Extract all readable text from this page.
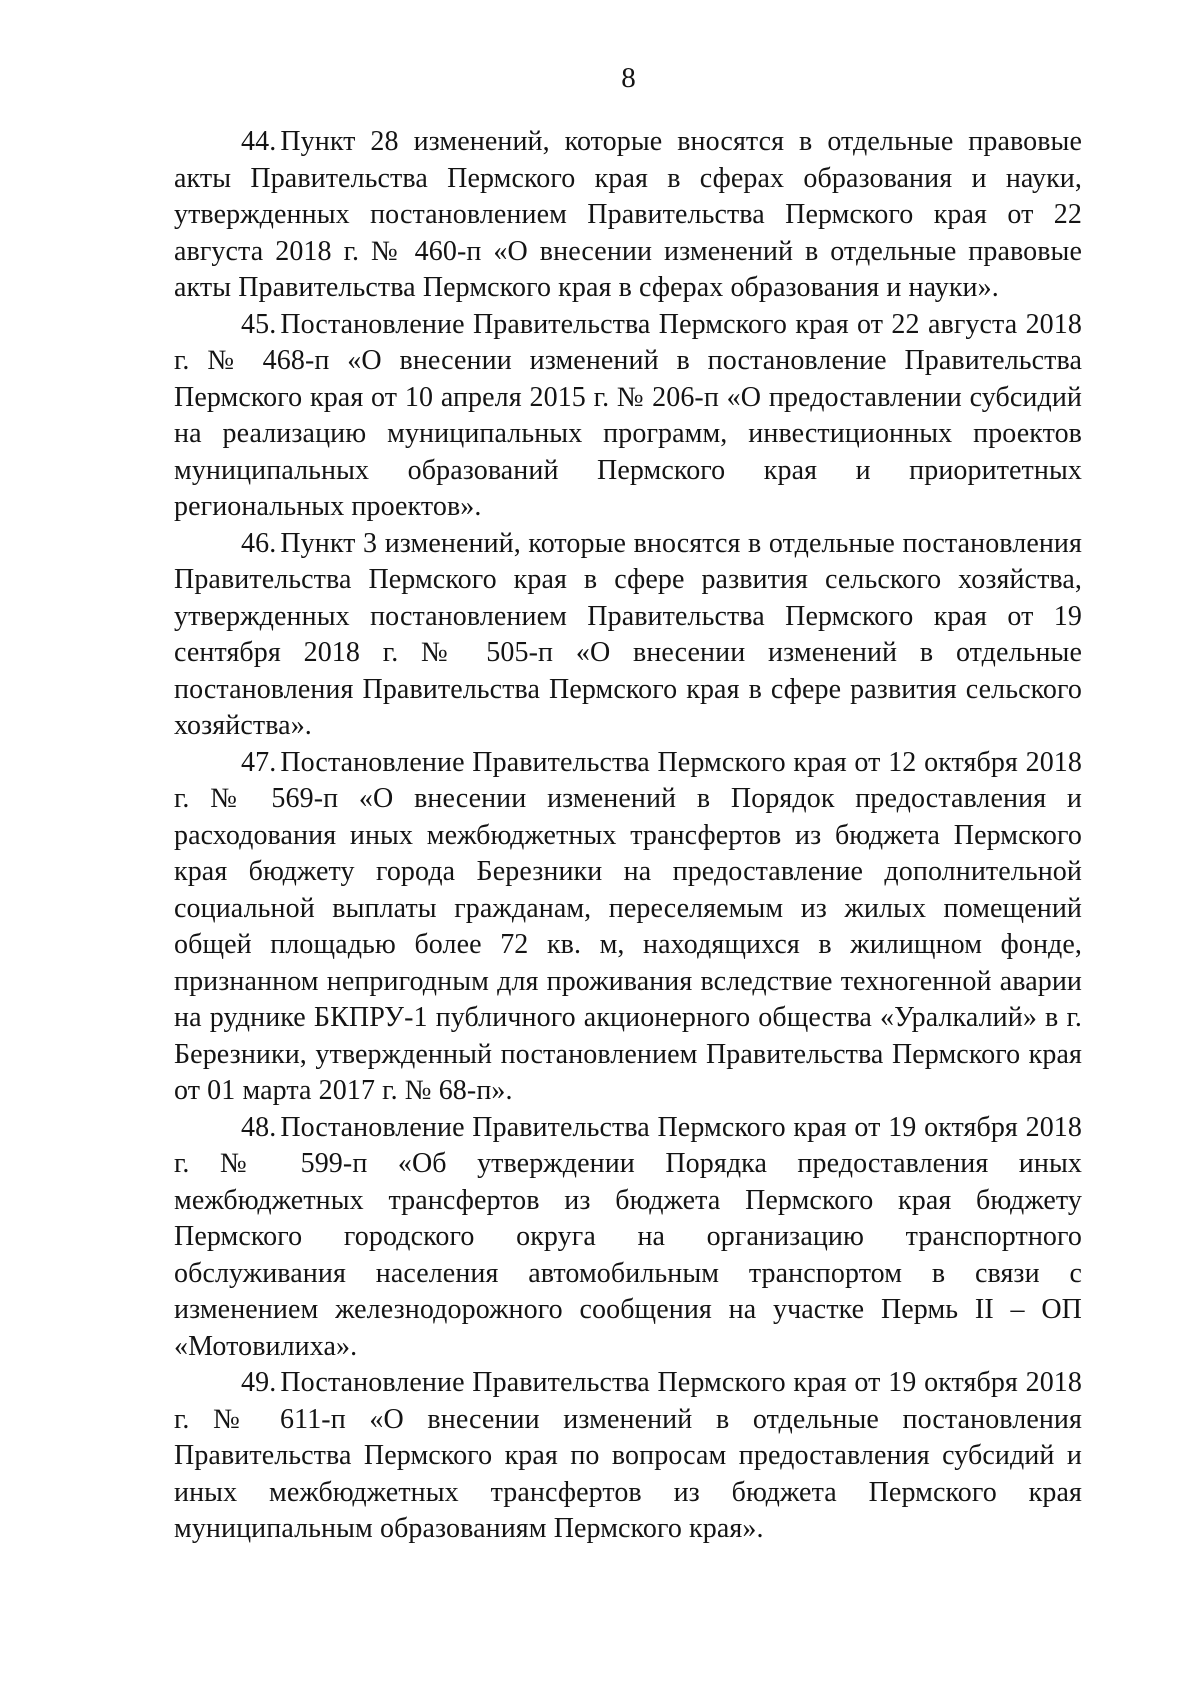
8

44. Пункт 28 изменений, которые вносятся в отдельные правовые акты Правительства Пермского края в сферах образования и науки, утвержденных постановлением Правительства Пермского края от 22 августа 2018 г. № 460-п «О внесении изменений в отдельные правовые акты Правительства Пермского края в сферах образования и науки».

45. Постановление Правительства Пермского края от 22 августа 2018 г. № 468-п «О внесении изменений в постановление Правительства Пермского края от 10 апреля 2015 г. № 206-п «О предоставлении субсидий на реализацию муниципальных программ, инвестиционных проектов муниципальных образований Пермского края и приоритетных региональных проектов».

46. Пункт 3 изменений, которые вносятся в отдельные постановления Правительства Пермского края в сфере развития сельского хозяйства, утвержденных постановлением Правительства Пермского края от 19 сентября 2018 г. № 505-п «О внесении изменений в отдельные постановления Правительства Пермского края в сфере развития сельского хозяйства».

47. Постановление Правительства Пермского края от 12 октября 2018 г. № 569-п «О внесении изменений в Порядок предоставления и расходования иных межбюджетных трансфертов из бюджета Пермского края бюджету города Березники на предоставление дополнительной социальной выплаты гражданам, переселяемым из жилых помещений общей площадью более 72 кв. м, находящихся в жилищном фонде, признанном непригодным для проживания вследствие техногенной аварии на руднике БКПРУ-1 публичного акционерного общества «Уралкалий» в г. Березники, утвержденный постановлением Правительства Пермского края от 01 марта 2017 г. № 68-п».

48. Постановление Правительства Пермского края от 19 октября 2018 г. № 599-п «Об утверждении Порядка предоставления иных межбюджетных трансфертов из бюджета Пермского края бюджету Пермского городского округа на организацию транспортного обслуживания населения автомобильным транспортом в связи с изменением железнодорожного сообщения на участке Пермь II – ОП «Мотовилиха».

49. Постановление Правительства Пермского края от 19 октября 2018 г. № 611-п «О внесении изменений в отдельные постановления Правительства Пермского края по вопросам предоставления субсидий и иных межбюджетных трансфертов из бюджета Пермского края муниципальным образованиям Пермского края».
